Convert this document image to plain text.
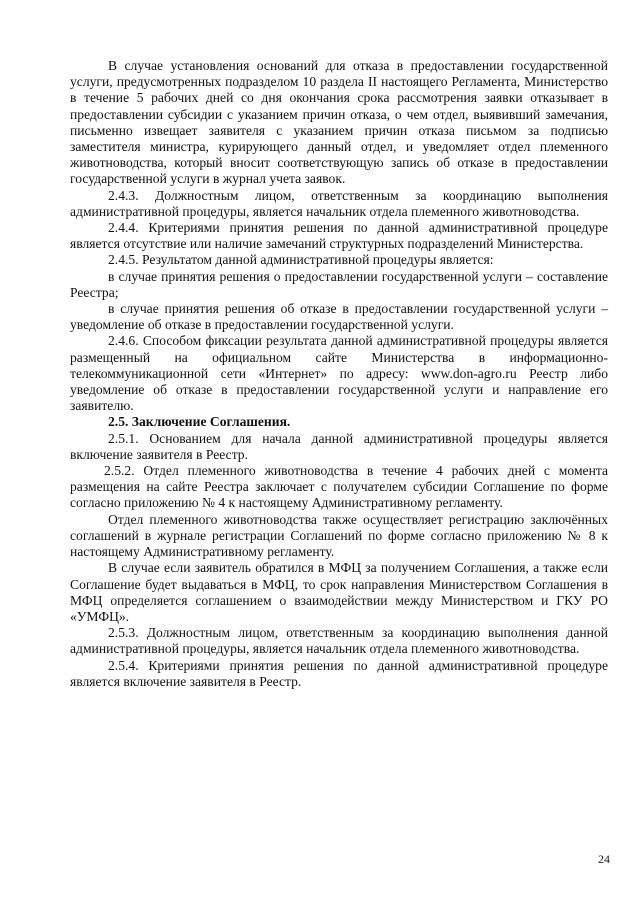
В случае установления оснований для отказа в предоставлении государственной услуги, предусмотренных подразделом 10 раздела II настоящего Регламента, Министерство в течение 5 рабочих дней со дня окончания срока рассмотрения заявки отказывает в предоставлении субсидии с указанием причин отказа, о чем отдел, выявивший замечания, письменно извещает заявителя с указанием причин отказа письмом за подписью заместителя министра, курирующего данный отдел, и уведомляет отдел племенного животноводства, который вносит соответствующую запись об отказе в предоставлении государственной услуги в журнал учета заявок.

2.4.3. Должностным лицом, ответственным за координацию выполнения административной процедуры, является начальник отдела племенного животноводства.

2.4.4. Критериями принятия решения по данной административной процедуре является отсутствие или наличие замечаний структурных подразделений Министерства.

2.4.5. Результатом данной административной процедуры является:

в случае принятия решения о предоставлении государственной услуги – составление Реестра;

в случае принятия решения об отказе в предоставлении государственной услуги – уведомление об отказе в предоставлении государственной услуги.

2.4.6. Способом фиксации результата данной административной процедуры является размещенный на официальном сайте Министерства в информационно-телекоммуникационной сети «Интернет» по адресу: www.don-agro.ru Реестр либо уведомление об отказе в предоставлении государственной услуги и направление его заявителю.

2.5. Заключение Соглашения.

2.5.1. Основанием для начала данной административной процедуры является включение заявителя в Реестр.

2.5.2. Отдел племенного животноводства в течение 4 рабочих дней с момента размещения на сайте Реестра заключает с получателем субсидии Соглашение по форме согласно приложению № 4 к настоящему Административному регламенту.

Отдел племенного животноводства также осуществляет регистрацию заключённых соглашений в журнале регистрации Соглашений по форме согласно приложению № 8 к настоящему Административному регламенту.

В случае если заявитель обратился в МФЦ за получением Соглашения, а также если Соглашение будет выдаваться в МФЦ, то срок направления Министерством Соглашения в МФЦ определяется соглашением о взаимодействии между Министерством и ГКУ РО «УМФЦ».

2.5.3. Должностным лицом, ответственным за координацию выполнения данной административной процедуры, является начальник отдела племенного животноводства.

2.5.4. Критериями принятия решения по данной административной процедуре является включение заявителя в Реестр.

24
